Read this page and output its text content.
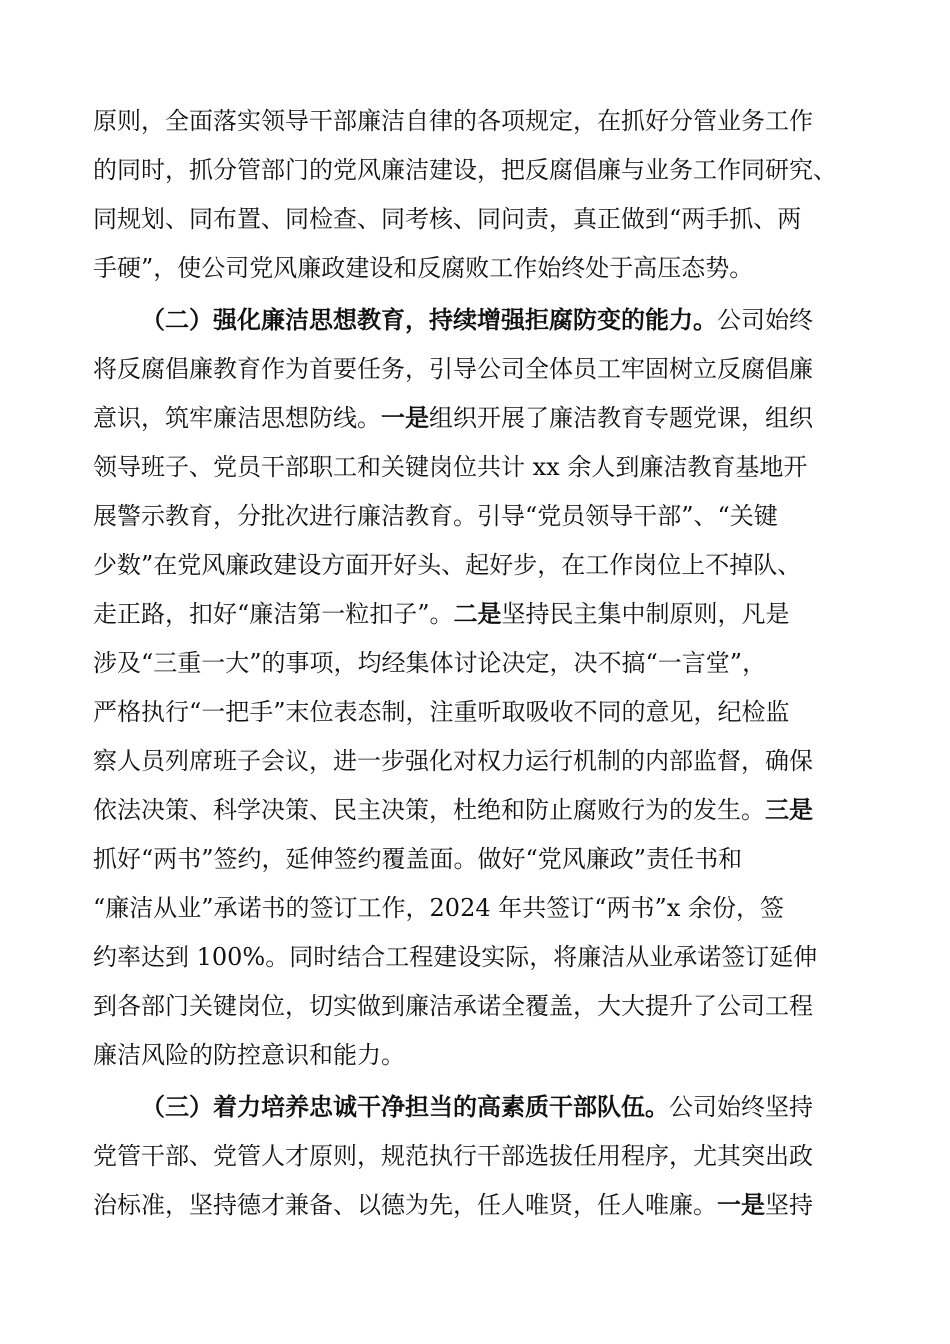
原则，全面落实领导干部廉洁自律的各项规定，在抓好分管业务工作
的同时，抓分管部门的党风廉洁建设，把反腐倡廉与业务工作同研究、
同规划、同布置、同检查、同考核、同问责，真正做到“两手抓、两
手硬”，使公司党风廉政建设和反腐败工作始终处于高压态势。
（二）强化廉洁思想教育，持续增强拒腐防变的能力。公司始终
将反腐倡廉教育作为首要任务，引导公司全体员工牢固树立反腐倡廉
意识，筑牢廉洁思想防线。一是组织开展了廉洁教育专题党课，组织
领导班子、党员干部职工和关键岗位共计 xx 余人到廉洁教育基地开
展警示教育，分批次进行廉洁教育。引导“党员领导干部”、“关键
少数”在党风廉政建设方面开好头、起好步，在工作岗位上不掉队、
走正路，扣好“廉洁第一粒扣子”。二是坚持民主集中制原则，凡是
涉及“三重一大”的事项，均经集体讨论决定，决不搞“一言堂”，
严格执行“一把手”末位表态制，注重听取吸收不同的意见，纪检监
察人员列席班子会议，进一步强化对权力运行机制的内部监督，确保
依法决策、科学决策、民主决策，杜绝和防止腐败行为的发生。三是
抓好“两书”签约，延伸签约覆盖面。做好“党风廉政”责任书和
“廉洁从业”承诺书的签订工作，2024 年共签订“两书”x 余份，签
约率达到 100%。同时结合工程建设实际，将廉洁从业承诺签订延伸
到各部门关键岗位，切实做到廉洁承诺全覆盖，大大提升了公司工程
廉洁风险的防控意识和能力。
（三）着力培养忠诚干净担当的高素质干部队伍。公司始终坚持
党管干部、党管人才原则，规范执行干部选拔任用程序，尤其突出政
治标准，坚持德才兼备、以德为先，任人唯贤，任人唯廉。一是坚持
